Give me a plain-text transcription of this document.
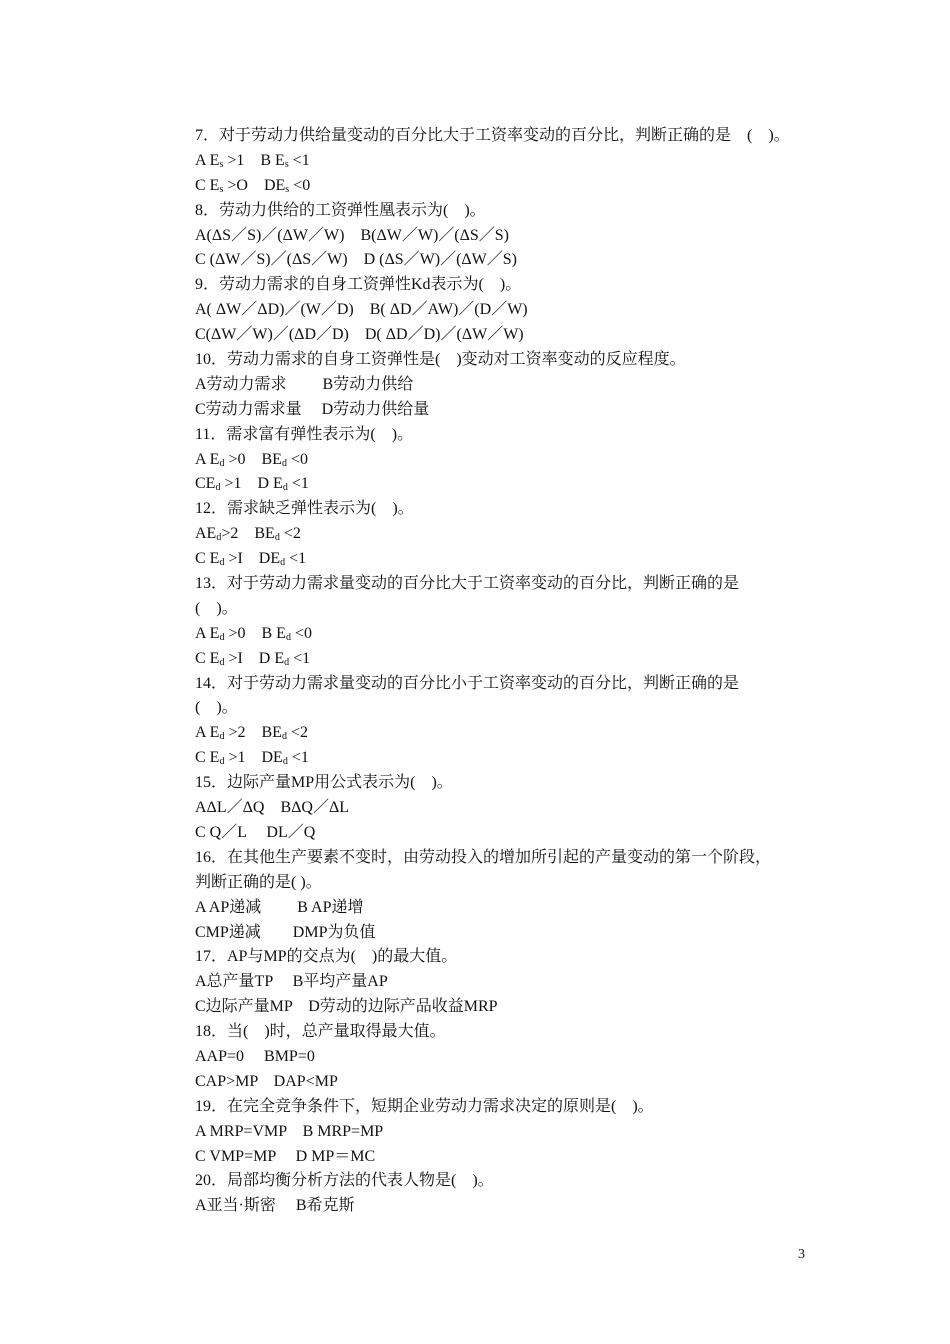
7．对于劳动力供给量变动的百分比大于工资率变动的百分比，判断正确的是　(　)。
A $E_s >1$　B $E_s <1$
C $E_s >O$　$DE_s <0$
8．劳动力供给的工资弹性凰表示为(　)。
A(ΔS／S)／(ΔW／W)　B(ΔW／W)／(ΔS／S)
C (ΔW／S)／(ΔS／W)　D (ΔS／W)／(ΔW／S)
9．劳动力需求的自身工资弹性Kd表示为(　)。
A( ΔW／ΔD)／(W／D)　B( ΔD／AW)／(D／W)
C(ΔW／W)／(ΔD／D)　D( ΔD／D)／(ΔW／W)
10．劳动力需求的自身工资弹性是(　)变动对工资率变动的反应程度。
A劳动力需求　　 B劳动力供给
C劳动力需求量　 D劳动力供给量
11．需求富有弹性表示为(　)。
A $E_d >0$　$BE_d <0$
$CE_d >1$　D $E_d <1$
12．需求缺乏弹性表示为(　)。
$AE_d>2$　$BE_d <2$
C $E_d >I$　$DE_d <1$
13．对于劳动力需求量变动的百分比大于工资率变动的百分比，判断正确的是
(　)。
A $E_d >0$　B $E_d <0$
C $E_d >I$　D $E_d <1$
14．对于劳动力需求量变动的百分比小于工资率变动的百分比，判断正确的是
(　)。
A $E_d >2$　$BE_d <2$
C $E_d >1$　$DE_d <1$
15．边际产量MP用公式表示为(　)。
AΔL／ΔQ　BΔQ／ΔL
C Q／L　 DL／Q
16．在其他生产要素不变时，由劳动投入的增加所引起的产量变动的第一个阶段，
判断正确的是( )。
A AP递减　　 B AP递增
CMP递减　　DMP为负值
17．AP与MP的交点为(　)的最大值。
A总产量TP　 B平均产量AP
C边际产量MP　D劳动的边际产品收益MRP
18．当(　)时，总产量取得最大值。
AAP=0　 BMP=0
CAP>MP　DAP<MP
19．在完全竞争条件下，短期企业劳动力需求决定的原则是(　)。
A MRP=VMP　B MRP=MP
C VMP=MP　 D MP＝MC
20．局部均衡分析方法的代表人物是(　)。
A亚当·斯密　 B希克斯
3
